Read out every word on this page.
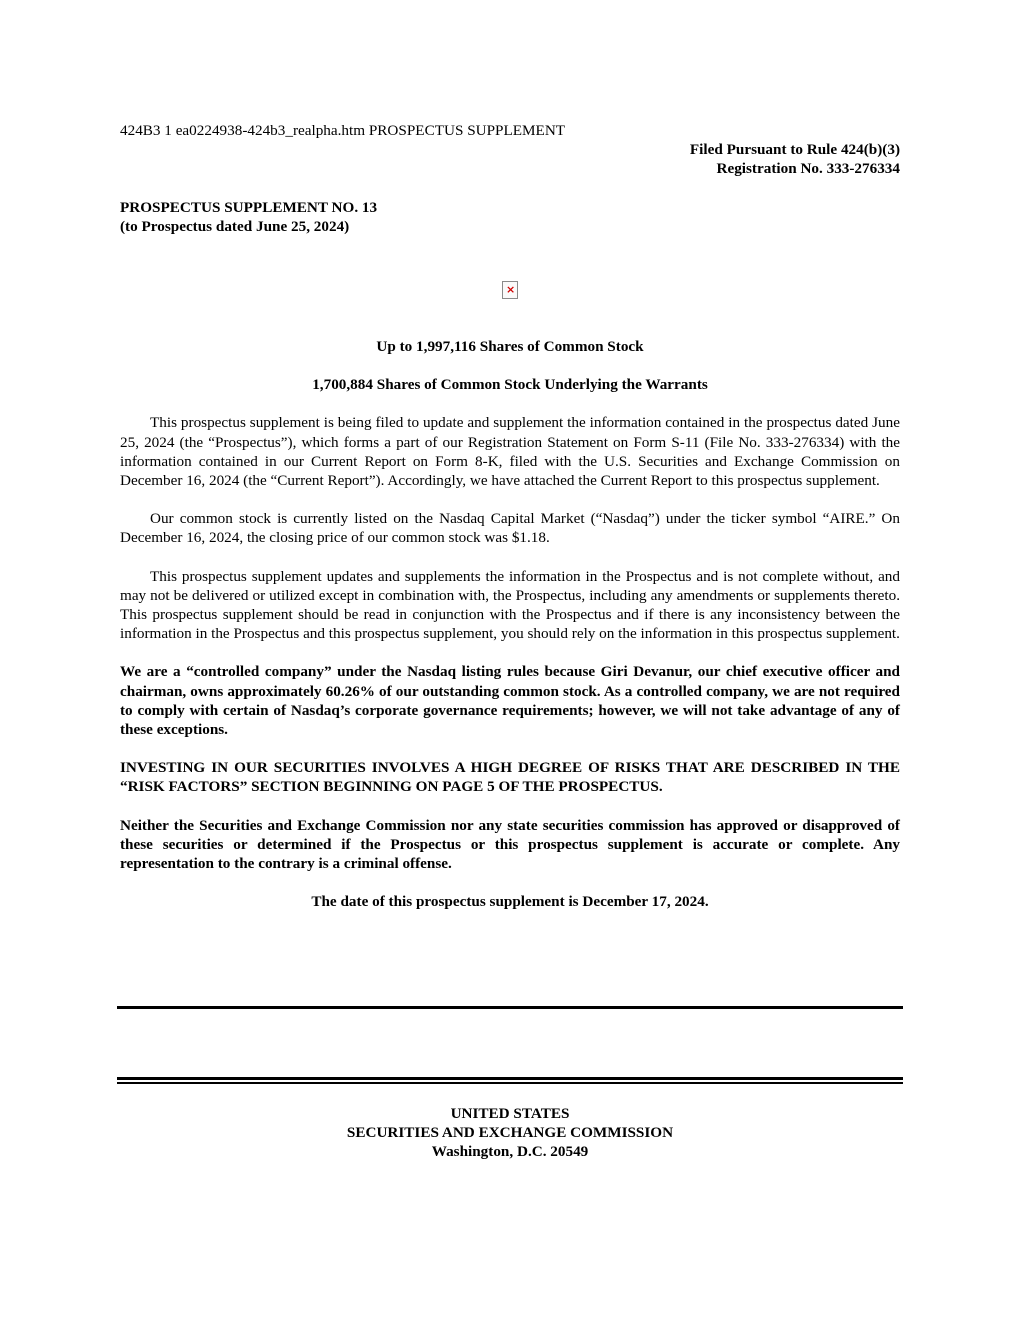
424B3 1 ea0224938-424b3_realpha.htm PROSPECTUS SUPPLEMENT
Filed Pursuant to Rule 424(b)(3)
Registration No. 333-276334
PROSPECTUS SUPPLEMENT NO. 13
(to Prospectus dated June 25, 2024)
×
Up to 1,997,116 Shares of Common Stock
1,700,884 Shares of Common Stock Underlying the Warrants

This prospectus supplement is being filed to update and supplement the information contained in the prospectus dated June 25, 2024 (the “Prospectus”), which forms a part of our Registration Statement on Form S-11 (File No. 333-276334) with the information contained in our Current Report on Form 8-K, filed with the U.S. Securities and Exchange Commission on December 16, 2024 (the “Current Report”). Accordingly, we have attached the Current Report to this prospectus supplement.

Our common stock is currently listed on the Nasdaq Capital Market (“Nasdaq”) under the ticker symbol “AIRE.” On December 16, 2024, the closing price of our common stock was $1.18.

This prospectus supplement updates and supplements the information in the Prospectus and is not complete without, and may not be delivered or utilized except in combination with, the Prospectus, including any amendments or supplements thereto. This prospectus supplement should be read in conjunction with the Prospectus and if there is any inconsistency between the information in the Prospectus and this prospectus supplement, you should rely on the information in this prospectus supplement.

We are a “controlled company” under the Nasdaq listing rules because Giri Devanur, our chief executive officer and chairman, owns approximately 60.26% of our outstanding common stock. As a controlled company, we are not required to comply with certain of Nasdaq’s corporate governance requirements; however, we will not take advantage of any of these exceptions.

INVESTING IN OUR SECURITIES INVOLVES A HIGH DEGREE OF RISKS THAT ARE DESCRIBED IN THE “RISK FACTORS” SECTION BEGINNING ON PAGE 5 OF THE PROSPECTUS.

Neither the Securities and Exchange Commission nor any state securities commission has approved or disapproved of these securities or determined if the Prospectus or this prospectus supplement is accurate or complete. Any representation to the contrary is a criminal offense.

The date of this prospectus supplement is December 17, 2024.
UNITED STATES
SECURITIES AND EXCHANGE COMMISSION
Washington, D.C. 20549
